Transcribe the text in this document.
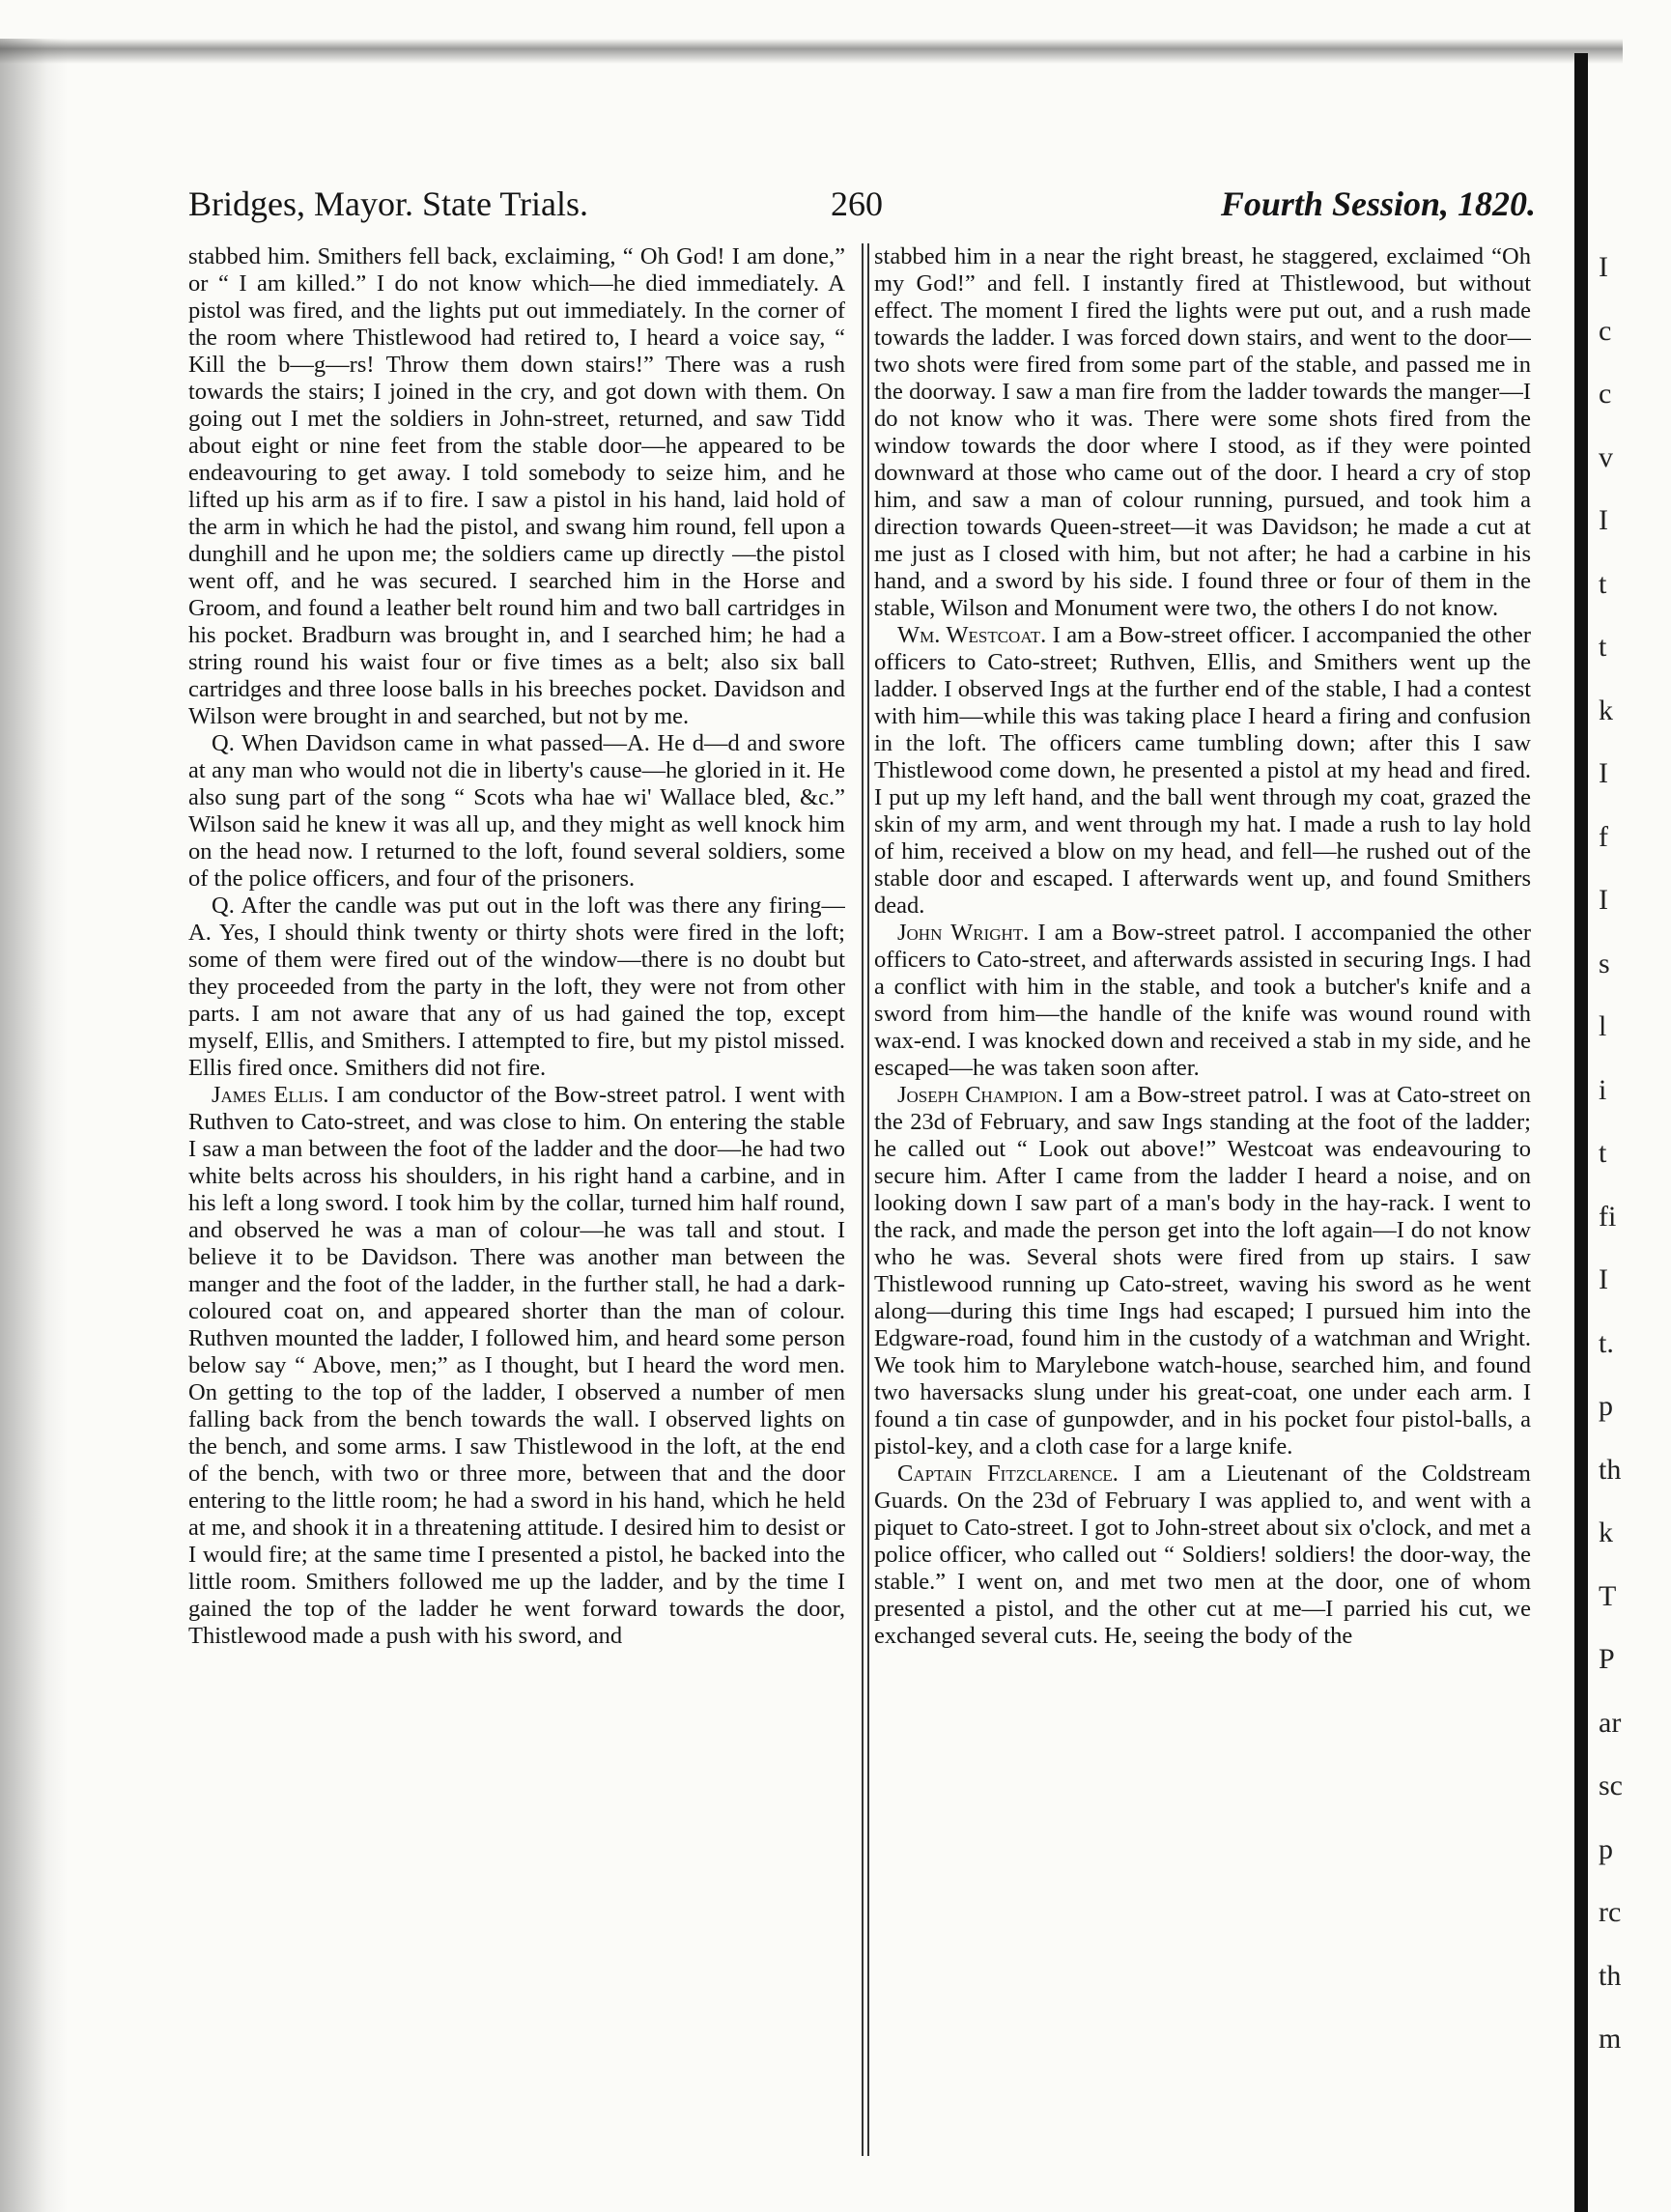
Bridges, Mayor. State Trials.	260	Fourth Session, 1820.

stabbed him. Smithers fell back, exclaiming, “ Oh God! I am done,” or “ I am killed.” I do not know which—he died immediately. A pistol was fired, and the lights put out immediately. In the corner of the room where Thistlewood had retired to, I heard a voice say, “ Kill the b—g—rs! Throw them down stairs!” There was a rush towards the stairs; I joined in the cry, and got down with them. On going out I met the soldiers in John-street, returned, and saw Tidd about eight or nine feet from the stable door—he appeared to be endeavouring to get away. I told somebody to seize him, and he lifted up his arm as if to fire. I saw a pistol in his hand, laid hold of the arm in which he had the pistol, and swang him round, fell upon a dunghill and he upon me; the soldiers came up directly —the pistol went off, and he was secured. I searched him in the Horse and Groom, and found a leather belt round him and two ball cartridges in his pocket. Bradburn was brought in, and I searched him; he had a string round his waist four or five times as a belt; also six ball cartridges and three loose balls in his breeches pocket. Davidson and Wilson were brought in and searched, but not by me.

Q. When Davidson came in what passed—A. He d—d and swore at any man who would not die in liberty's cause—he gloried in it. He also sung part of the song “ Scots wha hae wi' Wallace bled, &c.” Wilson said he knew it was all up, and they might as well knock him on the head now. I returned to the loft, found several soldiers, some of the police officers, and four of the prisoners.

Q. After the candle was put out in the loft was there any firing—A. Yes, I should think twenty or thirty shots were fired in the loft; some of them were fired out of the window—there is no doubt but they proceeded from the party in the loft, they were not from other parts. I am not aware that any of us had gained the top, except myself, Ellis, and Smithers. I attempted to fire, but my pistol missed. Ellis fired once. Smithers did not fire.

James Ellis. I am conductor of the Bow-street patrol. I went with Ruthven to Cato-street, and was close to him. On entering the stable I saw a man between the foot of the ladder and the door—he had two white belts across his shoulders, in his right hand a carbine, and in his left a long sword. I took him by the collar, turned him half round, and observed he was a man of colour—he was tall and stout. I believe it to be Davidson. There was another man between the manger and the foot of the ladder, in the further stall, he had a dark-coloured coat on, and appeared shorter than the man of colour. Ruthven mounted the ladder, I followed him, and heard some person below say “ Above, men;” as I thought, but I heard the word men. On getting to the top of the ladder, I observed a number of men falling back from the bench towards the wall. I observed lights on the bench, and some arms. I saw Thistlewood in the loft, at the end of the bench, with two or three more, between that and the door entering to the little room; he had a sword in his hand, which he held at me, and shook it in a threatening attitude. I desired him to desist or I would fire; at the same time I presented a pistol, he backed into the little room. Smithers followed me up the ladder, and by the time I gained the top of the ladder he went forward towards the door, Thistlewood made a push with his sword, and

stabbed him in a near the right breast, he staggered, exclaimed “Oh my God!” and fell. I instantly fired at Thistlewood, but without effect. The moment I fired the lights were put out, and a rush made towards the ladder. I was forced down stairs, and went to the door—two shots were fired from some part of the stable, and passed me in the doorway. I saw a man fire from the ladder towards the manger—I do not know who it was. There were some shots fired from the window towards the door where I stood, as if they were pointed downward at those who came out of the door. I heard a cry of stop him, and saw a man of colour running, pursued, and took him a direction towards Queen-street—it was Davidson; he made a cut at me just as I closed with him, but not after; he had a carbine in his hand, and a sword by his side. I found three or four of them in the stable, Wilson and Monument were two, the others I do not know.

Wm. Westcoat. I am a Bow-street officer. I accompanied the other officers to Cato-street; Ruthven, Ellis, and Smithers went up the ladder. I observed Ings at the further end of the stable, I had a contest with him—while this was taking place I heard a firing and confusion in the loft. The officers came tumbling down; after this I saw Thistlewood come down, he presented a pistol at my head and fired. I put up my left hand, and the ball went through my coat, grazed the skin of my arm, and went through my hat. I made a rush to lay hold of him, received a blow on my head, and fell—he rushed out of the stable door and escaped. I afterwards went up, and found Smithers dead.

John Wright. I am a Bow-street patrol. I accompanied the other officers to Cato-street, and afterwards assisted in securing Ings. I had a conflict with him in the stable, and took a butcher's knife and a sword from him—the handle of the knife was wound round with wax-end. I was knocked down and received a stab in my side, and he escaped—he was taken soon after.

Joseph Champion. I am a Bow-street patrol. I was at Cato-street on the 23d of February, and saw Ings standing at the foot of the ladder; he called out “ Look out above!” Westcoat was endeavouring to secure him. After I came from the ladder I heard a noise, and on looking down I saw part of a man's body in the hay-rack. I went to the rack, and made the person get into the loft again—I do not know who he was. Several shots were fired from up stairs. I saw Thistlewood running up Cato-street, waving his sword as he went along—during this time Ings had escaped; I pursued him into the Edgware-road, found him in the custody of a watchman and Wright. We took him to Marylebone watch-house, searched him, and found two haversacks slung under his great-coat, one under each arm. I found a tin case of gunpowder, and in his pocket four pistol-balls, a pistol-key, and a cloth case for a large knife.

Captain Fitzclarence. I am a Lieutenant of the Coldstream Guards. On the 23d of February I was applied to, and went with a piquet to Cato-street. I got to John-street about six o'clock, and met a police officer, who called out “ Soldiers! soldiers! the door-way, the stable.” I went on, and met two men at the door, one of whom presented a pistol, and the other cut at me—I parried his cut, we exchanged several cuts. He, seeing the body of the

I
c
c
v
I
t
t
k
I
f
I
s
l
i
t
fi
I
t.
p
th
k
T
P
ar
sc
p
rc
th
m
